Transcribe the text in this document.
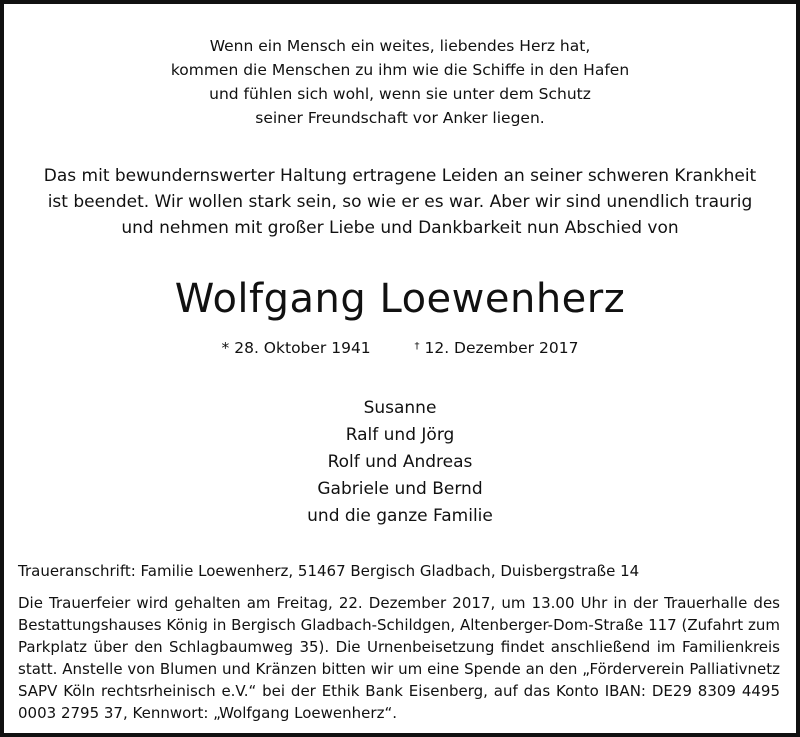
Wenn ein Mensch ein weites, liebendes Herz hat,
kommen die Menschen zu ihm wie die Schiffe in den Hafen
und fühlen sich wohl, wenn sie unter dem Schutz
seiner Freundschaft vor Anker liegen.
Das mit bewundernswerter Haltung ertragene Leiden an seiner schweren Krankheit
ist beendet. Wir wollen stark sein, so wie er es war. Aber wir sind unendlich traurig
und nehmen mit großer Liebe und Dankbarkeit nun Abschied von
Wolfgang Loewenherz
* 28. Oktober 1941	† 12. Dezember 2017
Susanne
Ralf und Jörg
Rolf und Andreas
Gabriele und Bernd
und die ganze Familie
Traueranschrift: Familie Loewenherz, 51467 Bergisch Gladbach, Duisbergstraße 14
Die Trauerfeier wird gehalten am Freitag, 22. Dezember 2017, um 13.00 Uhr in der Trauerhalle des Bestattungshauses König in Bergisch Gladbach-Schildgen, Altenberger-Dom-Straße 117 (Zufahrt zum Parkplatz über den Schlagbaumweg 35). Die Urnenbeisetzung findet anschließend im Familienkreis statt. Anstelle von Blumen und Kränzen bitten wir um eine Spende an den „Förderverein Palliativnetz SAPV Köln rechtsrheinisch e.V.“ bei der Ethik Bank Eisenberg, auf das Konto IBAN: DE29 8309 4495 0003 2795 37, Kennwort: „Wolfgang Loewenherz“.
